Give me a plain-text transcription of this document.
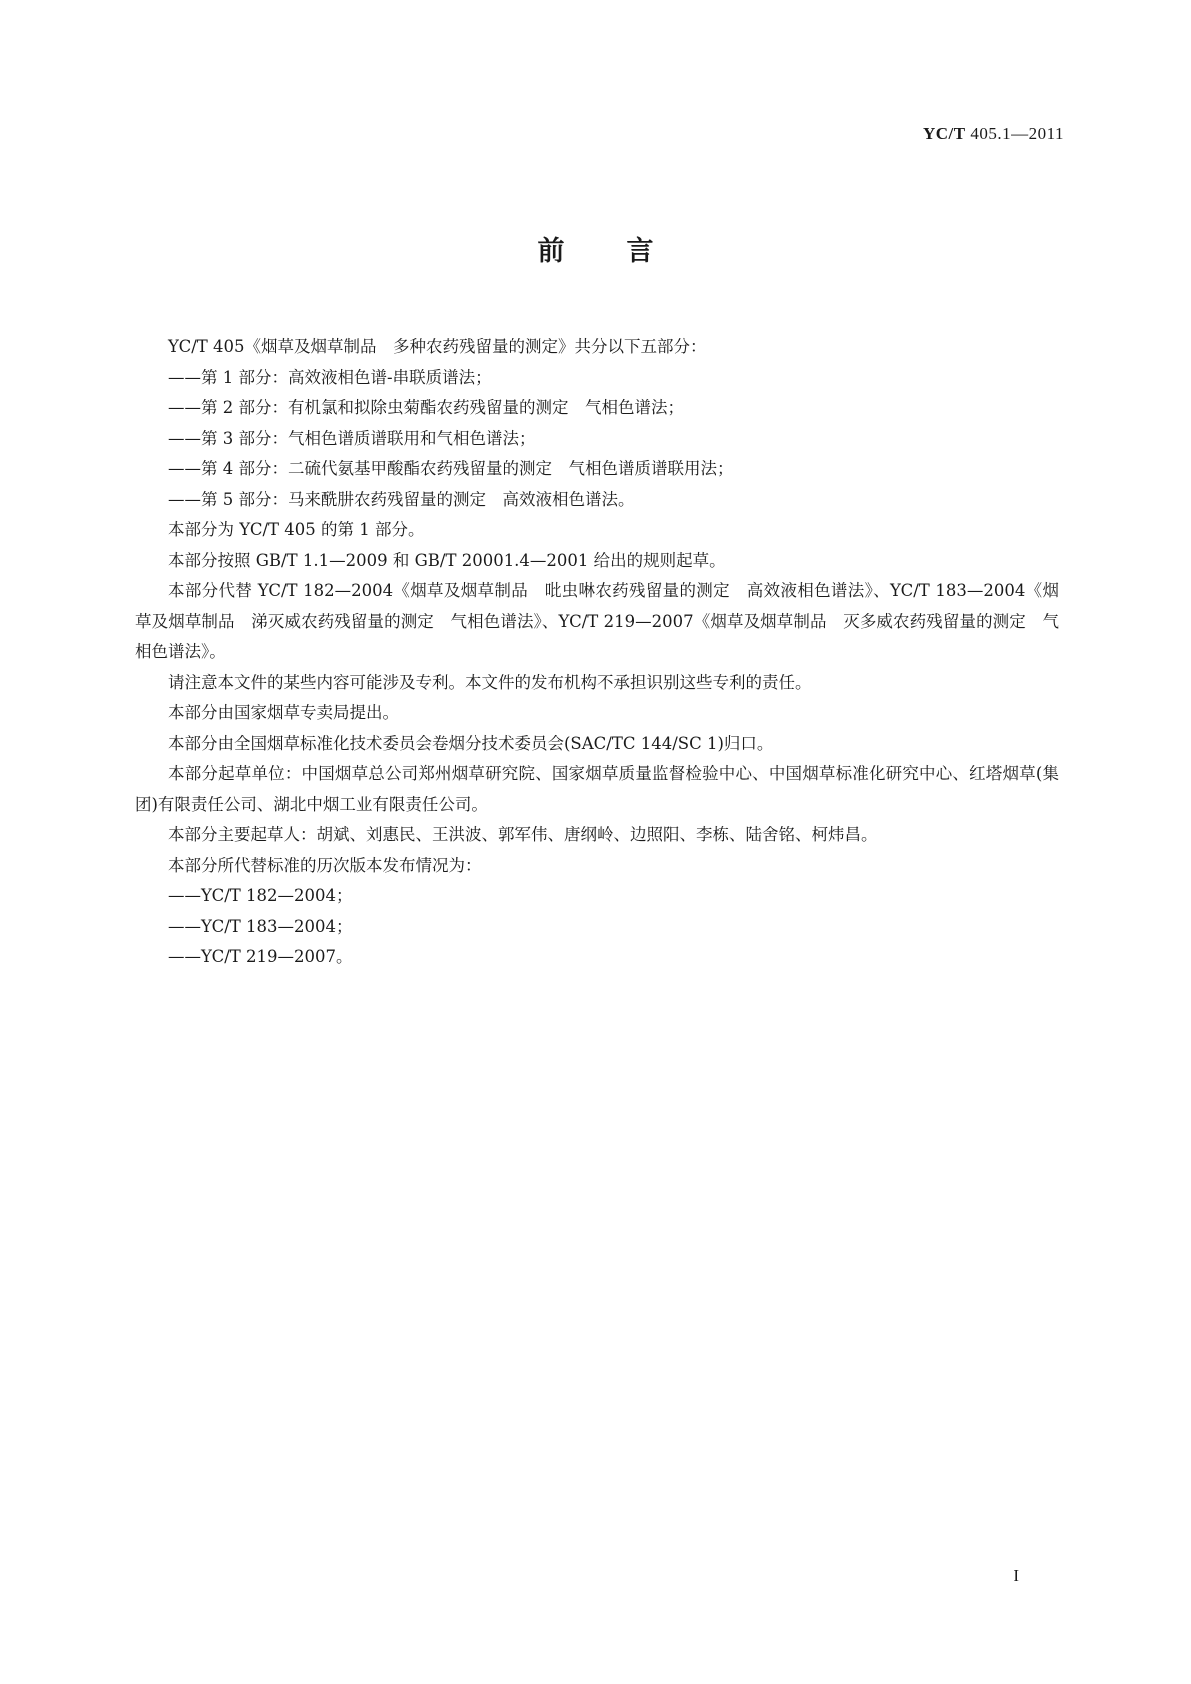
YC/T 405.1—2011
前言

YC/T 405《烟草及烟草制品　多种农药残留量的测定》共分以下五部分：

——第 1 部分：高效液相色谱-串联质谱法；

——第 2 部分：有机氯和拟除虫菊酯农药残留量的测定　气相色谱法；

——第 3 部分：气相色谱质谱联用和气相色谱法；

——第 4 部分：二硫代氨基甲酸酯农药残留量的测定　气相色谱质谱联用法；

——第 5 部分：马来酰肼农药残留量的测定　高效液相色谱法。

本部分为 YC/T 405 的第 1 部分。

本部分按照 GB/T 1.1—2009 和 GB/T 20001.4—2001 给出的规则起草。

本部分代替 YC/T 182—2004《烟草及烟草制品　吡虫啉农药残留量的测定　高效液相色谱法》、YC/T 183—2004《烟草及烟草制品　涕灭威农药残留量的测定　气相色谱法》、YC/T 219—2007《烟草及烟草制品　灭多威农药残留量的测定　气相色谱法》。

请注意本文件的某些内容可能涉及专利。本文件的发布机构不承担识别这些专利的责任。

本部分由国家烟草专卖局提出。

本部分由全国烟草标准化技术委员会卷烟分技术委员会(SAC/TC 144/SC 1)归口。

本部分起草单位：中国烟草总公司郑州烟草研究院、国家烟草质量监督检验中心、中国烟草标准化研究中心、红塔烟草(集团)有限责任公司、湖北中烟工业有限责任公司。

本部分主要起草人：胡斌、刘惠民、王洪波、郭军伟、唐纲岭、边照阳、李栋、陆舍铭、柯炜昌。

本部分所代替标准的历次版本发布情况为：

——YC/T 182—2004；

——YC/T 183—2004；

——YC/T 219—2007。

I
